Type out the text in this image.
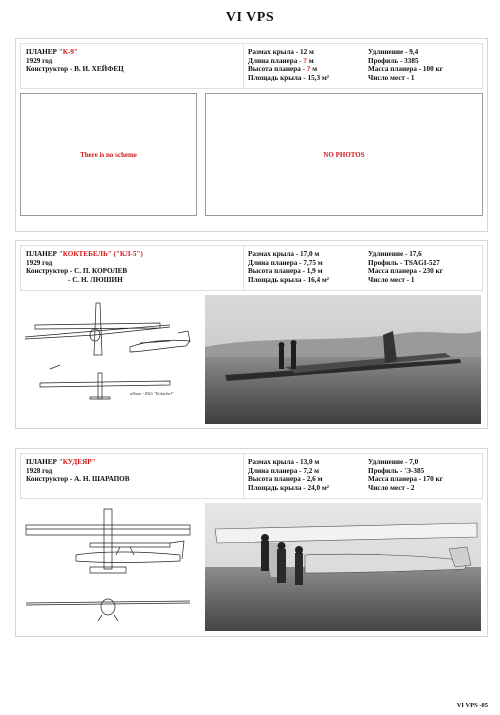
VI VPS
ПЛАНЕР "К-9"
1929 год
Конструктор - В. И. ХЕЙФЕЦ
Размах крыла - 12 м
Длина планера - ? м
Высота планера - ? м
Площадь крыла - 15,3 м²
Удлинение - 9,4
Профиль - 3385
Масса планера - 100 кг
Число мест - 1
There is no scheme	NO PHOTOS
ПЛАНЕР "КОКТЕБЕЛЬ" ("КЛ-5")
1929 год
Конструктор - С. П. КОРОЛЕВ
- С. Н. ЛЮШИН
Размах крыла - 17,0 м
Длина планера - 7,75 м
Высота планера - 1,9 м
Площадь крыла - 16,4 м²
Удлинение - 17,6
Профиль - TSAGI-527
Масса планера - 230 кг
Число мест - 1
album - Rilli "Koktebel"
ПЛАНЕР "КУДЕЯР"
1928 год
Конструктор - А. Н. ШАРАПОВ
Размах крыла - 13,0 м
Длина планера - 7,2 м
Высота планера - 2,6 м
Площадь крыла - 24,0 м²
Удлинение - 7,0
Профиль - 'Э-385
Масса планера - 170 кг
Число мест - 2
VI VPS -05
